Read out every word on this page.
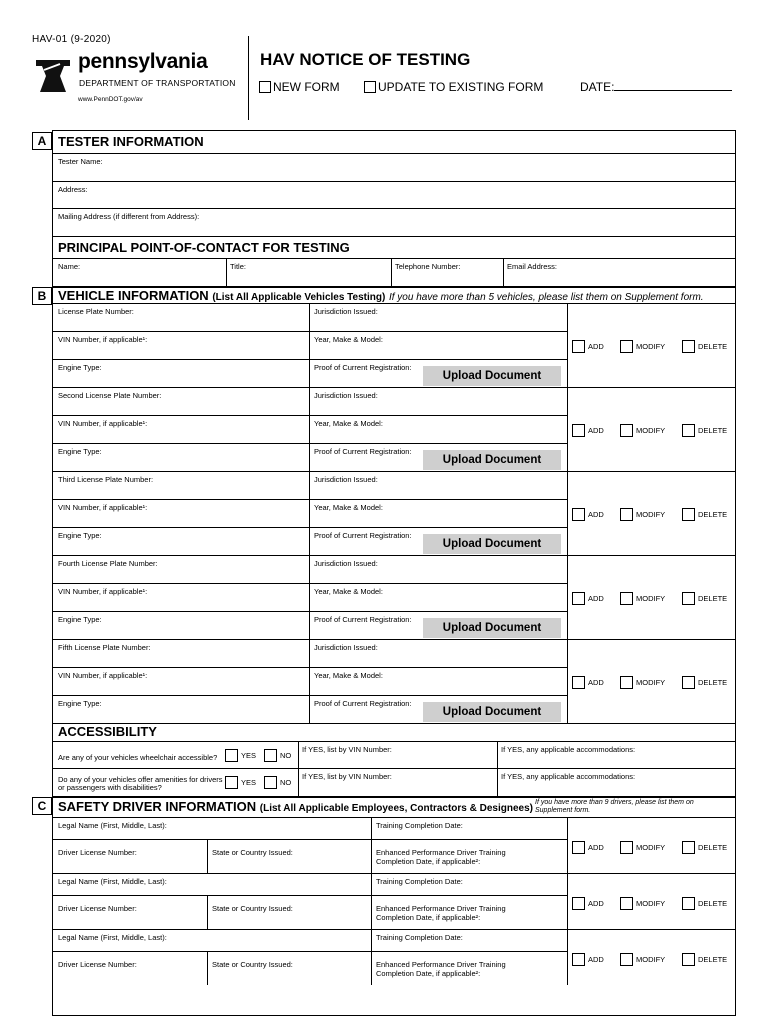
HAV-01 (9-2020)
pennsylvania
DEPARTMENT OF TRANSPORTATION
www.PennDOT.gov/av
HAV NOTICE OF TESTING
NEW FORM	UPDATE TO EXISTING FORM	DATE:
A
B
C
TESTER INFORMATION
Tester Name:
Address:
Mailing Address (if different from Address):
PRINCIPAL POINT-OF-CONTACT FOR TESTING
Name:	Title:	Telephone Number:	Email Address:
VEHICLE INFORMATION (List All Applicable Vehicles Testing) If you have more than 5 vehicles, please list them on Supplement form.
License Plate Number:	Jurisdiction Issued:
VIN Number, if applicable¹:	Year, Make & Model:
Engine Type:	Proof of Current Registration:
Upload Document
ADD	MODIFY	DELETE
Second License Plate Number:	Jurisdiction Issued:
VIN Number, if applicable¹:	Year, Make & Model:
Engine Type:	Proof of Current Registration:
Upload Document
ADD	MODIFY	DELETE
Third License Plate Number:	Jurisdiction Issued:
VIN Number, if applicable¹:	Year, Make & Model:
Engine Type:	Proof of Current Registration:
Upload Document
ADD	MODIFY	DELETE
Fourth License Plate Number:	Jurisdiction Issued:
VIN Number, if applicable¹:	Year, Make & Model:
Engine Type:	Proof of Current Registration:
Upload Document
ADD	MODIFY	DELETE
Fifth License Plate Number:	Jurisdiction Issued:
VIN Number, if applicable¹:	Year, Make & Model:
Engine Type:	Proof of Current Registration:
Upload Document
ADD	MODIFY	DELETE
ACCESSIBILITY
Are any of your vehicles wheelchair accessible?	YES	NO
If YES, list by VIN Number:	If YES, any applicable accommodations:
Do any of your vehicles offer amenities for drivers
or passengers with disabilities?
YES	NO
If YES, list by VIN Number:	If YES, any applicable accommodations:
SAFETY DRIVER INFORMATION (List All Applicable Employees, Contractors & Designees)
If you have more than 9 drivers, please list them on Supplement form.
Legal Name (First, Middle, Last):	Training Completion Date:
Driver License Number:	State or Country Issued:	Enhanced Performance Driver Training
Completion Date, if applicable²:
ADD	MODIFY	DELETE
Legal Name (First, Middle, Last):	Training Completion Date:
Driver License Number:	State or Country Issued:	Enhanced Performance Driver Training
Completion Date, if applicable²:
ADD	MODIFY	DELETE
Legal Name (First, Middle, Last):	Training Completion Date:
Driver License Number:	State or Country Issued:	Enhanced Performance Driver Training
Completion Date, if applicable²:
ADD	MODIFY	DELETE
